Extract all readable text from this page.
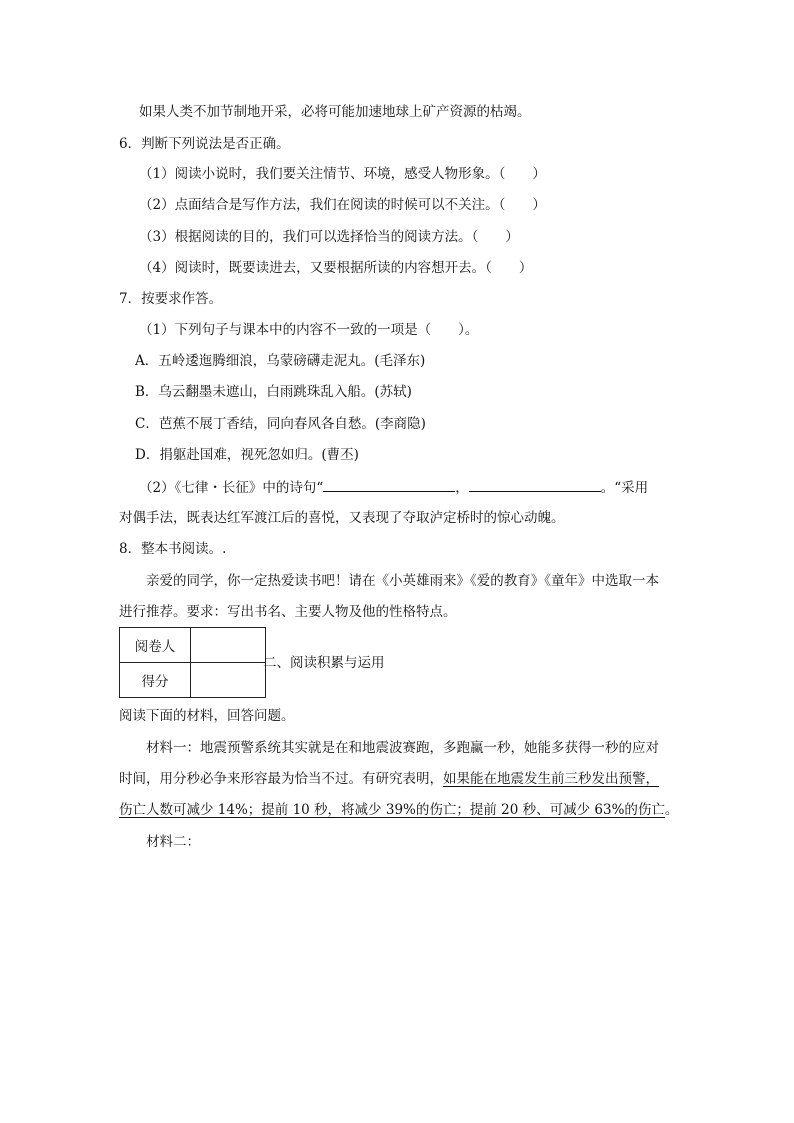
如果人类不加节制地开采，必将可能加速地球上矿产资源的枯竭。
6．判断下列说法是否正确。
（1）阅读小说时，我们要关注情节、环境，感受人物形象。（　　）
（2）点面结合是写作方法，我们在阅读的时候可以不关注。（　　）
（3）根据阅读的目的，我们可以选择恰当的阅读方法。（　　）
（4）阅读时，既要读进去，又要根据所读的内容想开去。（　　）
7．按要求作答。
（1）下列句子与课本中的内容不一致的一项是（　　）。
A．五岭逶迤腾细浪，乌蒙磅礴走泥丸。(毛泽东)
B．乌云翻墨未遮山，白雨跳珠乱入船。(苏轼)
C．芭蕉不展丁香结，同向春风各自愁。(李商隐)
D．捐躯赴国难，视死忽如归。(曹丕)
（2）《七律・长征》中的诗句“	，	。“采用
对偶手法，既表达红军渡江后的喜悦，又表现了夺取泸定桥时的惊心动魄。
8．整本书阅读。.
亲爱的同学，你一定热爱读书吧！请在《小英雄雨来》《爱的教育》《童年》中选取一本
进行推荐。要求：写出书名、主要人物及他的性格特点。
阅卷人	
得分	
二、阅读积累与运用
阅读下面的材料，回答问题。
材料一：地震预警系统其实就是在和地震波赛跑，多跑赢一秒，她能多获得一秒的应对
时间，用分秒必争来形容最为恰当不过。有研究表明，如果能在地震发生前三秒发出预警，
伤亡人数可减少 14%；提前 10 秒，将减少 39%的伤亡；提前 20 秒、可减少 63%的伤亡。
材料二：
